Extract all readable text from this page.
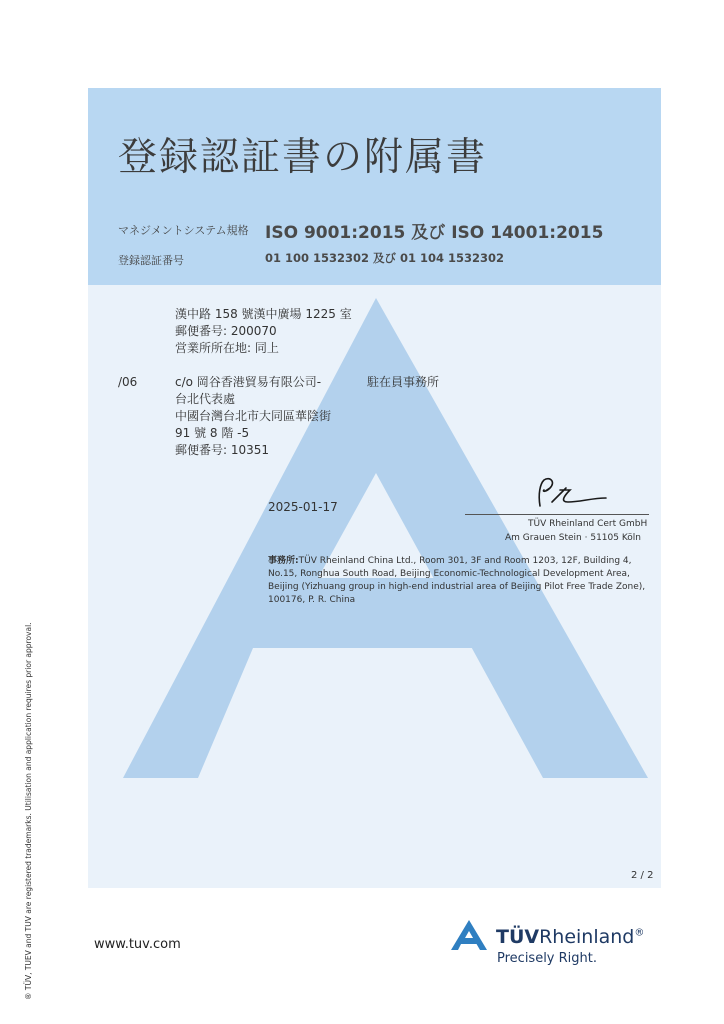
登録認証書の附属書
マネジメントシステム規格 ISO 9001:2015 及び ISO 14001:2015
登録認証番号	01 100 1532302 及び 01 104 1532302
漢中路 158 號漢中廣場 1225 室
郵便番号: 200070
営業所所在地: 同上
/06	c/o 岡谷香港貿易有限公司-	駐在員事務所
台北代表處
中國台灣台北市大同區華陰街
91 號 8 階 -5
郵便番号: 10351
2025-01-17
TÜV Rheinland Cert GmbH
Am Grauen Stein · 51105 Köln
事務所:TÜV Rheinland China Ltd., Room 301, 3F and Room 1203, 12F, Building 4, No.15, Ronghua South Road, Beijing Economic-Technological Development Area, Beijing (Yizhuang group in high-end industrial area of Beijing Pilot Free Trade Zone), 100176, P. R. China
2 / 2
® TÜV, TUEV and TUV are registered trademarks. Utilisation and application requires prior approval.	www.tuv.com	TÜVRheinland®
Precisely Right.
